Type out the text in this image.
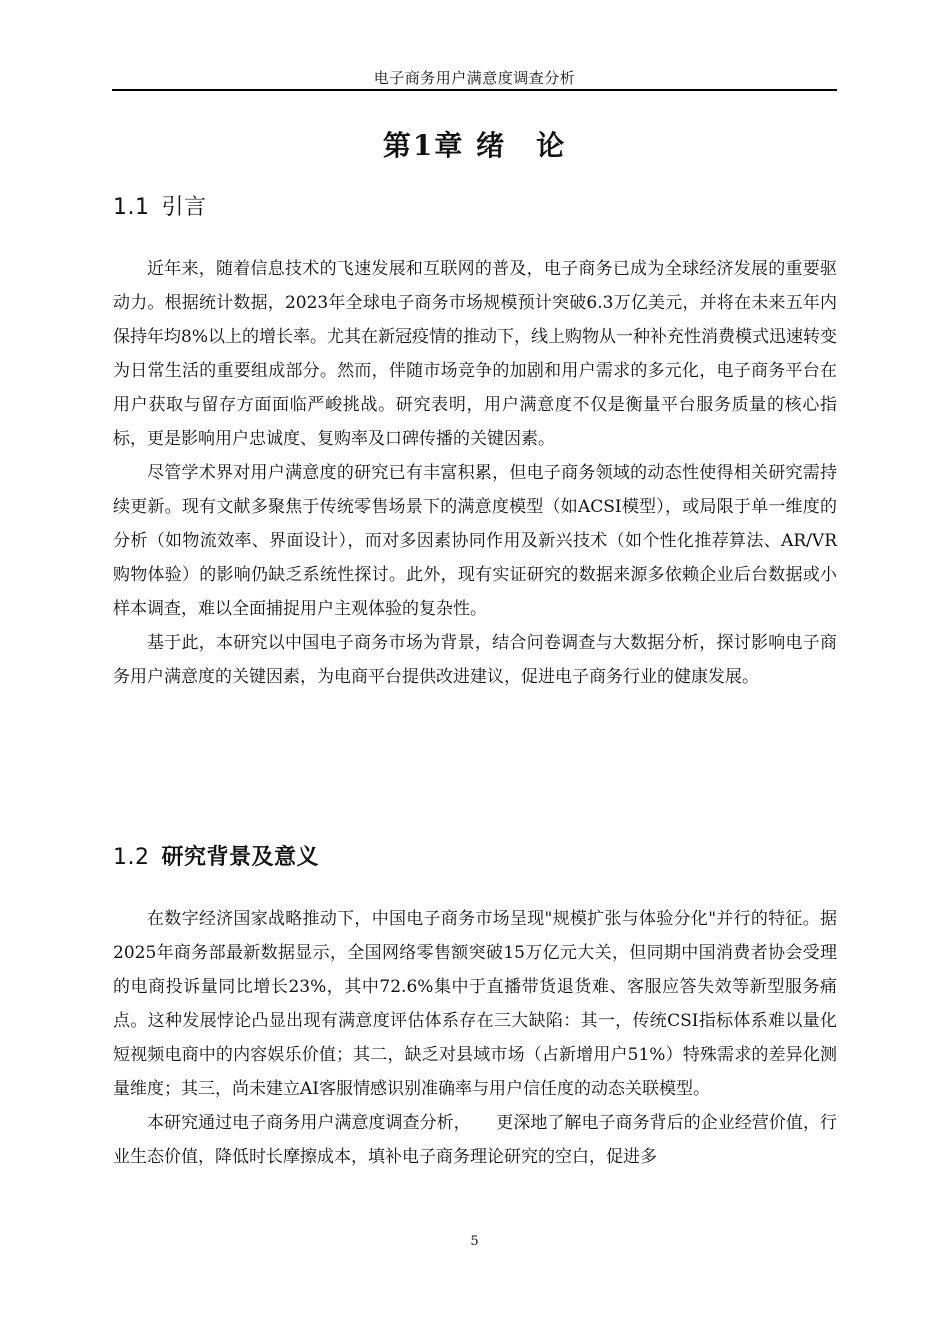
电子商务用户满意度调查分析
第1章 绪　论
1.1 引言

近年来，随着信息技术的飞速发展和互联网的普及，电子商务已成为全球经济发展的重要驱动力。根据统计数据，2023年全球电子商务市场规模预计突破6.3万亿美元，并将在未来五年内保持年均8%以上的增长率。尤其在新冠疫情的推动下，线上购物从一种补充性消费模式迅速转变为日常生活的重要组成部分。然而，伴随市场竞争的加剧和用户需求的多元化，电子商务平台在用户获取与留存方面面临严峻挑战。研究表明，用户满意度不仅是衡量平台服务质量的核心指标，更是影响用户忠诚度、复购率及口碑传播的关键因素。

尽管学术界对用户满意度的研究已有丰富积累，但电子商务领域的动态性使得相关研究需持续更新。现有文献多聚焦于传统零售场景下的满意度模型（如ACSI模型），或局限于单一维度的分析（如物流效率、界面设计），而对多因素协同作用及新兴技术（如个性化推荐算法、AR/VR购物体验）的影响仍缺乏系统性探讨。此外，现有实证研究的数据来源多依赖企业后台数据或小样本调查，难以全面捕捉用户主观体验的复杂性。

基于此，本研究以中国电子商务市场为背景，结合问卷调查与大数据分析，探讨影响电子商务用户满意度的关键因素，为电商平台提供改进建议，促进电子商务行业的健康发展。

1.2 研究背景及意义

在数字经济国家战略推动下，中国电子商务市场呈现"规模扩张与体验分化"并行的特征。据2025年商务部最新数据显示，全国网络零售额突破15万亿元大关，但同期中国消费者协会受理的电商投诉量同比增长23%，其中72.6%集中于直播带货退货难、客服应答失效等新型服务痛点。这种发展悖论凸显出现有满意度评估体系存在三大缺陷：其一，传统CSI指标体系难以量化短视频电商中的内容娱乐价值；其二，缺乏对县域市场（占新增用户51%）特殊需求的差异化测量维度；其三，尚未建立AI客服情感识别准确率与用户信任度的动态关联模型。

本研究通过电子商务用户满意度调查分析，　　更深地了解电子商务背后的企业经营价值，行业生态价值，降低时长摩擦成本，填补电子商务理论研究的空白，促进多

5
